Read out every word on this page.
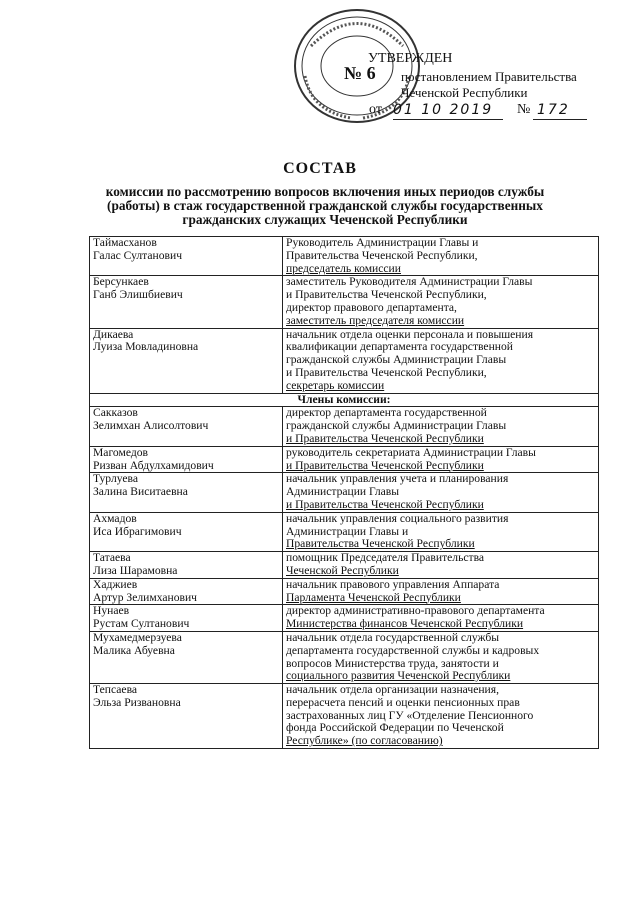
№ 6
УТВЕРЖДЕН
постановлением Правительства
Чеченской Республики
от 01 10 2019 № 172
СОСТАВ
комиссии по рассмотрению вопросов включения иных периодов службы
(работы) в стаж государственной гражданской службы государственных
гражданских служащих Чеченской Республики
Таймасханов
Галас Султанович	Руководитель Администрации Главы и
Правительства Чеченской Республики,
председатель комиссии

Берсункаев
Ганб Элишбиевич	заместитель Руководителя Администрации Главы
и Правительства Чеченской Республики,
директор правового департамента,
заместитель председателя комиссии

Дикаева
Луиза Мовладиновна	начальник отдела оценки персонала и повышения
квалификации департамента государственной
гражданской службы Администрации Главы
и Правительства Чеченской Республики,
секретарь комиссии

Члены комиссии:	

Сакказов
Зелимхан Алисолтович	директор департамента государственной
гражданской службы Администрации Главы
и Правительства Чеченской Республики

Магомедов
Ризван Абдулхамидович	руководитель секретариата Администрации Главы
и Правительства Чеченской Республики

Турлуева
Залина Виситаевна	начальник управления учета и планирования
Администрации Главы
и Правительства Чеченской Республики

Ахмадов
Иса Ибрагимович	начальник управления социального развития
Администрации Главы и
Правительства Чеченской Республики

Татаева
Лиза Шарамовна	помощник Председателя Правительства
Чеченской Республики

Хаджиев
Артур Зелимханович	начальник правового управления Аппарата
Парламента Чеченской Республики

Нунаев
Рустам Султанович	директор административно-правового департамента
Министерства финансов Чеченской Республики

Мухамедмерзуева
Малика Абуевна	начальник отдела государственной службы
департамента государственной службы и кадровых
вопросов Министерства труда, занятости и
социального развития Чеченской Республики

Тепсаева
Эльза Ризвановна	начальник отдела организации назначения,
перерасчета пенсий и оценки пенсионных прав
застрахованных лиц ГУ «Отделение Пенсионного
фонда Российской Федерации по Чеченской
Республике» (по согласованию)
